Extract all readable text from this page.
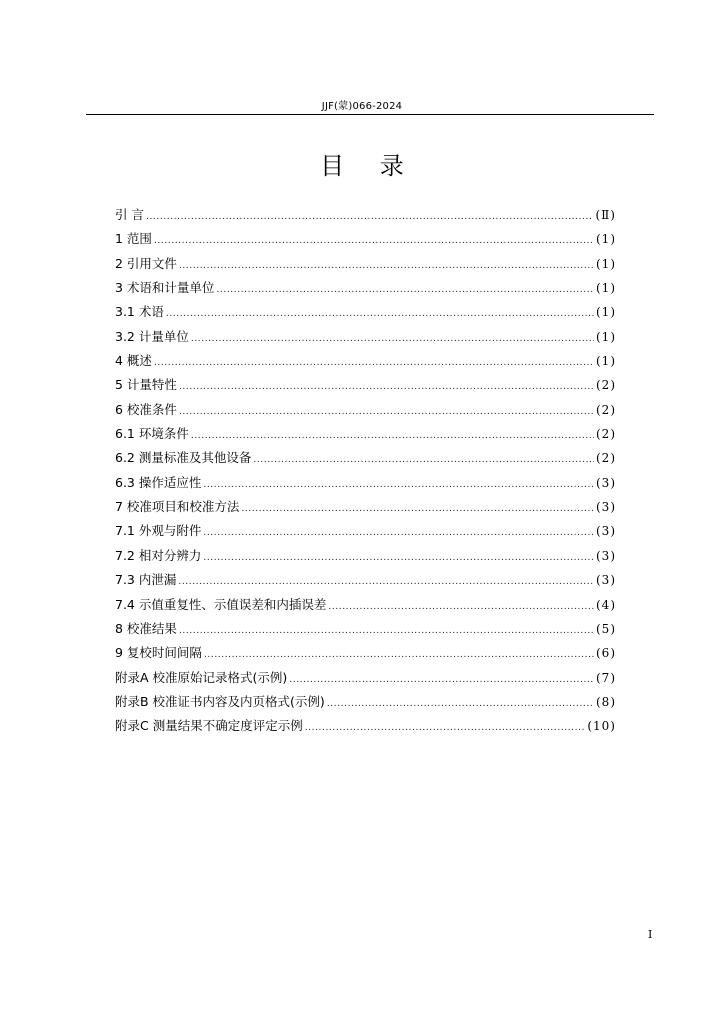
JJF(蒙)066-2024
目 录
引 言 .....	(Ⅱ)
1 范围 .....	(1)
2 引用文件 .....	(1)
3 术语和计量单位 .....	(1)
3.1 术语 .....	(1)
3.2 计量单位 .....	(1)
4 概述 .....	(1)
5 计量特性 .....	(2)
6 校准条件 .....	(2)
6.1 环境条件 .....	(2)
6.2 测量标准及其他设备 .....	(2)
6.3 操作适应性 .....	(3)
7 校准项目和校准方法 .....	(3)
7.1 外观与附件 .....	(3)
7.2 相对分辨力 .....	(3)
7.3 内泄漏 .....	(3)
7.4 示值重复性、示值误差和内插误差 .....	(4)
8 校准结果 .....	(5)
9 复校时间间隔 .....	(6)
附录A 校准原始记录格式(示例) .....	(7)
附录B 校准证书内容及内页格式(示例) .....	(8)
附录C 测量结果不确定度评定示例 .....	(10)
I
